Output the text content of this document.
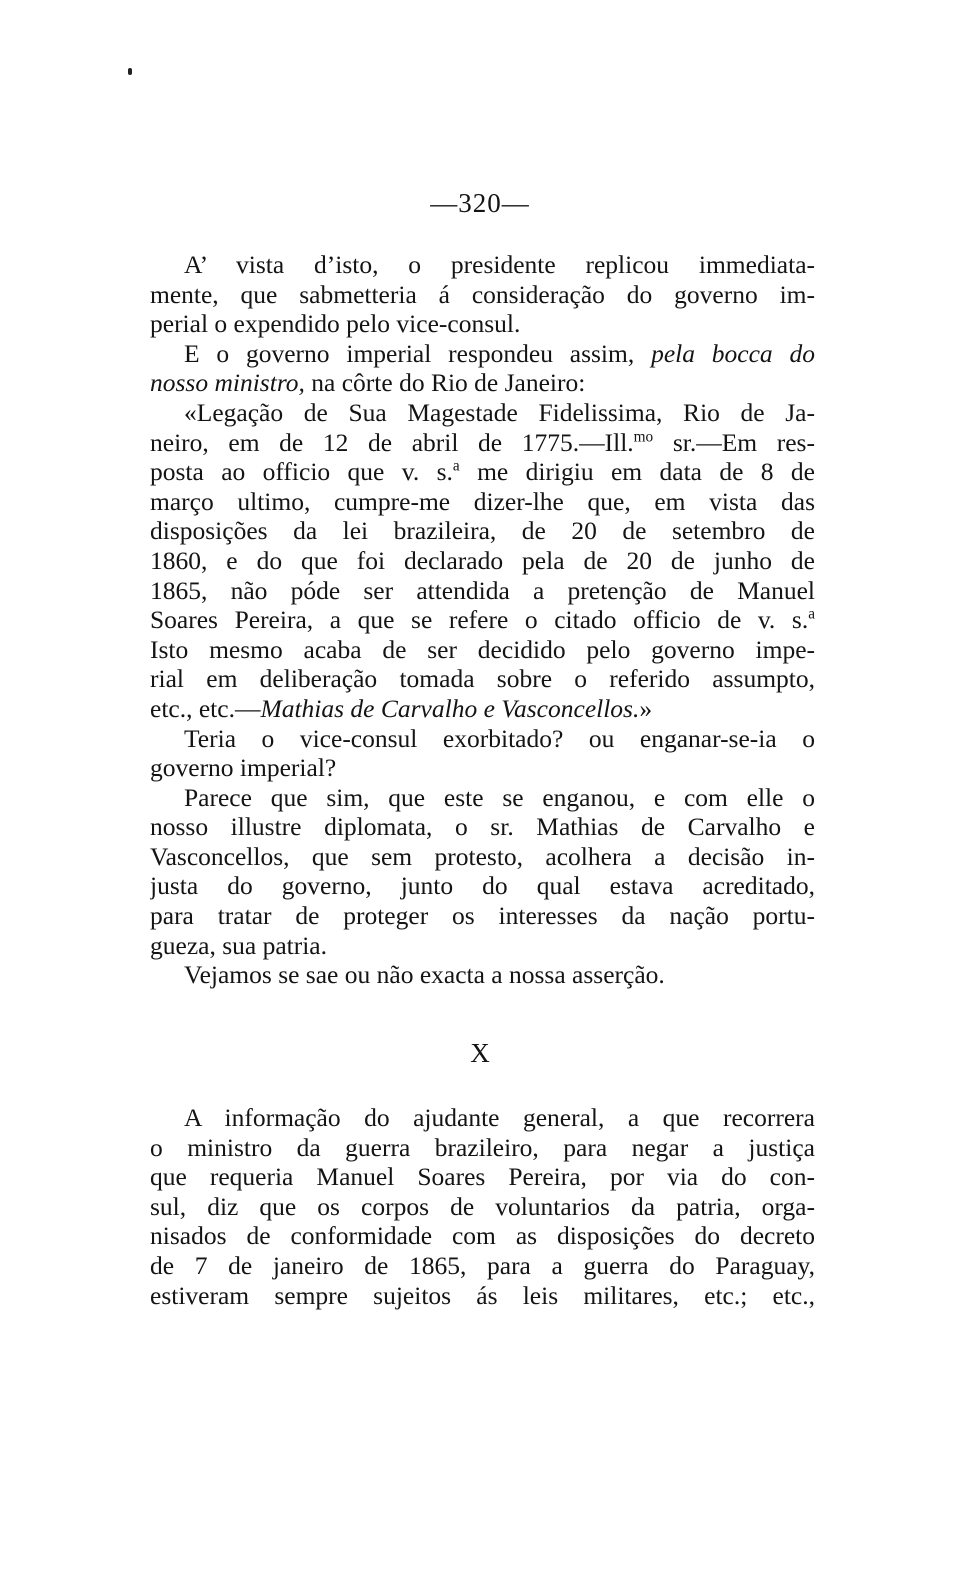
—320—
A’ vista d’isto, o presidente replicou immediata-
mente, que sabmetteria á consideração do governo im-
perial o expendido pelo vice-consul.
E o governo imperial respondeu assim, pela bocca do
nosso ministro, na côrte do Rio de Janeiro:
«Legação de Sua Magestade Fidelissima, Rio de Ja-
neiro, em de 12 de abril de 1775.—Ill.$^{mo}$ sr.—Em res-
posta ao officio que v. s.$^a$ me dirigiu em data de 8 de
março ultimo, cumpre-me dizer-lhe que, em vista das
disposições da lei brazileira, de 20 de setembro de
1860, e do que foi declarado pela de 20 de junho de
1865, não póde ser attendida a pretenção de Manuel
Soares Pereira, a que se refere o citado officio de v. s.$^a$
Isto mesmo acaba de ser decidido pelo governo impe-
rial em deliberação tomada sobre o referido assumpto,
etc., etc.—Mathias de Carvalho e Vasconcellos.»
Teria o vice-consul exorbitado? ou enganar-se-ia o
governo imperial?
Parece que sim, que este se enganou, e com elle o
nosso illustre diplomata, o sr. Mathias de Carvalho e
Vasconcellos, que sem protesto, acolhera a decisão in-
justa do governo, junto do qual estava acreditado,
para tratar de proteger os interesses da nação portu-
gueza, sua patria.
Vejamos se sae ou não exacta a nossa asserção.
X
A informação do ajudante general, a que recorrera
o ministro da guerra brazileiro, para negar a justiça
que requeria Manuel Soares Pereira, por via do con-
sul, diz que os corpos de voluntarios da patria, orga-
nisados de conformidade com as disposições do decreto
de 7 de janeiro de 1865, para a guerra do Paraguay,
estiveram sempre sujeitos ás leis militares, etc.; etc.,
